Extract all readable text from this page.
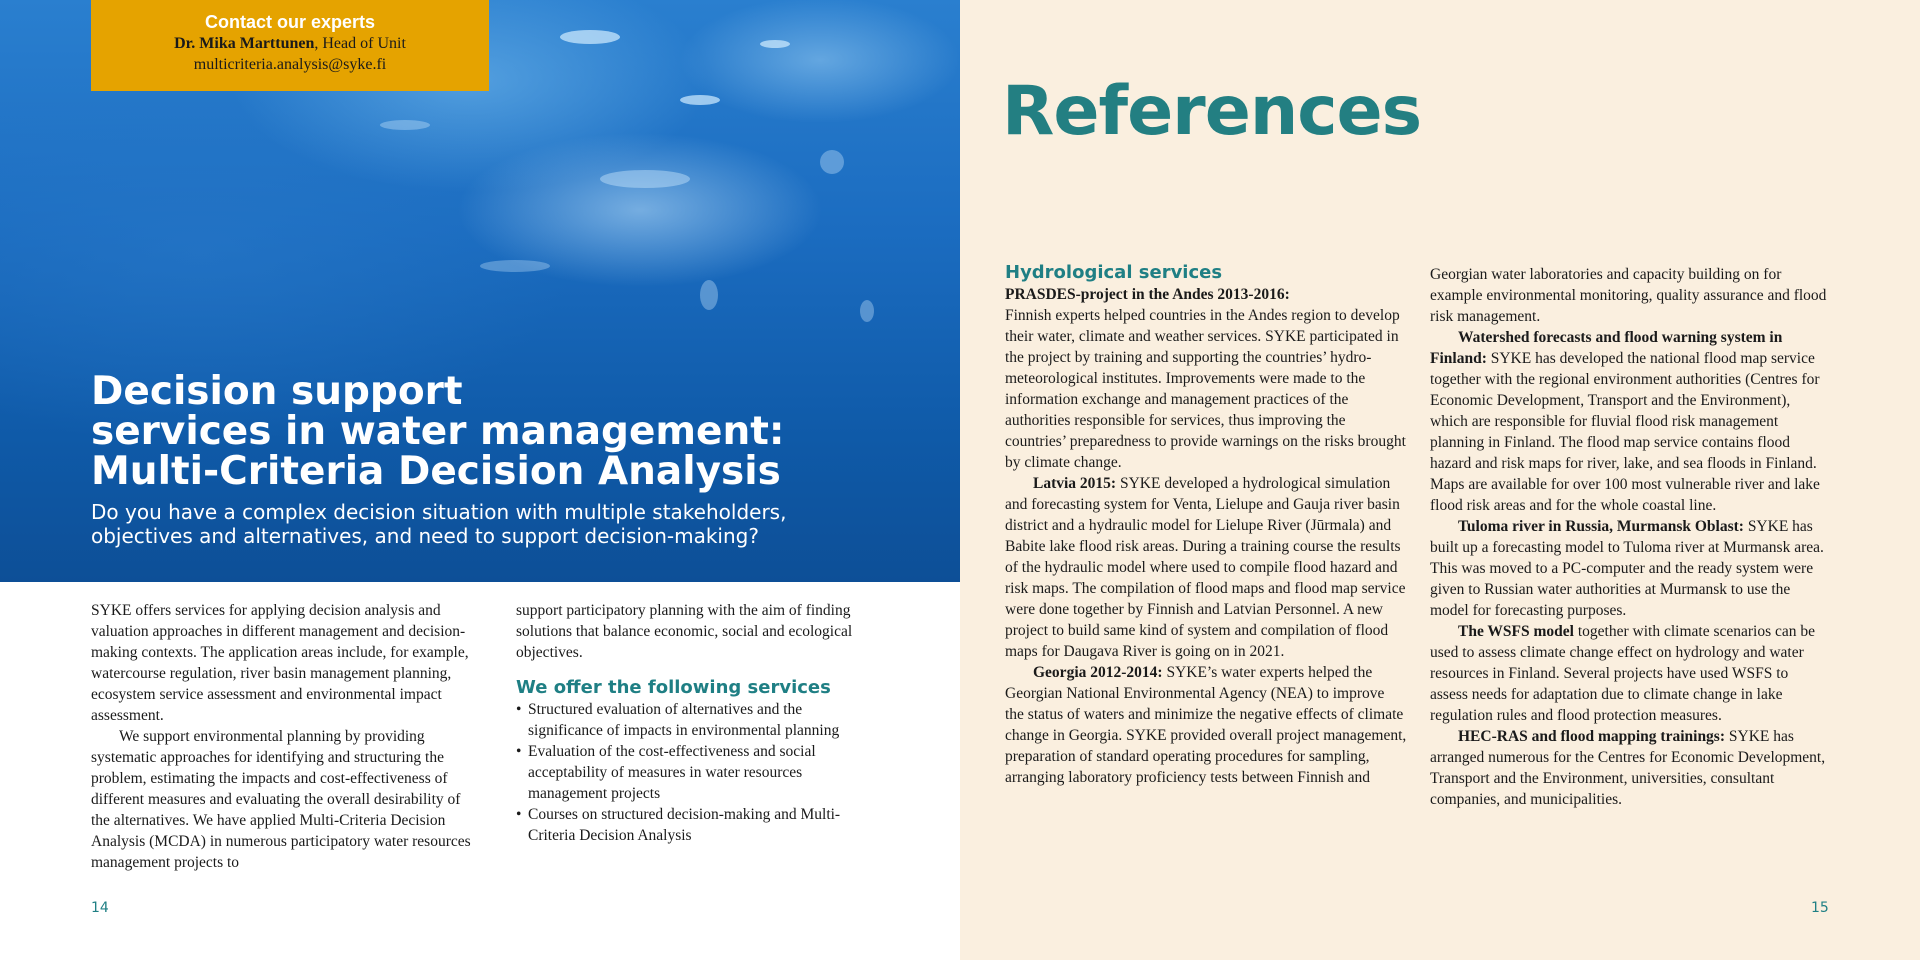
Contact our experts
Dr. Mika Marttunen, Head of Unit
multicriteria.analysis@syke.fi
Decision support
services in water management:
Multi-Criteria Decision Analysis

Do you have a complex decision situation with multiple stakeholders, objectives and alternatives, and need to support decision-making?

SYKE offers services for applying decision analysis and valuation approaches in different management and decision-making contexts. The application areas include, for example, watercourse regulation, river basin management planning, ecosystem service assessment and environmental impact assessment.

We support environmental planning by providing systematic approaches for identifying and structuring the problem, estimating the impacts and cost-effectiveness of different measures and evaluating the overall desirability of the alternatives. We have applied Multi-Criteria Decision Analysis (MCDA) in numerous participatory water resources management projects to

support participatory planning with the aim of finding solutions that balance economic, social and ecological objectives.

We offer the following services
• Structured evaluation of alternatives and the significance of impacts in environmental planning
• Evaluation of the cost-effectiveness and social acceptability of measures in water resources management projects
• Courses on structured decision-making and Multi-Criteria Decision Analysis
14
References
Hydrological services

PRASDES-project in the Andes 2013-2016:
Finnish experts helped countries in the Andes region to develop their water, climate and weather services. SYKE participated in the project by training and supporting the countries’ hydro-meteorological institutes. Improvements were made to the information exchange and management practices of the authorities responsible for services, thus improving the countries’ preparedness to provide warnings on the risks brought by climate change.

Latvia 2015: SYKE developed a hydrological simulation and forecasting system for Venta, Lielupe and Gauja river basin district and a hydraulic model for Lielupe River (Jūrmala) and Babite lake flood risk areas. During a training course the results of the hydraulic model where used to compile flood hazard and risk maps. The compilation of flood maps and flood map service were done together by Finnish and Latvian Personnel. A new project to build same kind of system and compilation of flood maps for Daugava River is going on in 2021.

Georgia 2012-2014: SYKE’s water experts helped the Georgian National Environmental Agency (NEA) to improve the status of waters and minimize the negative effects of climate change in Georgia. SYKE provided overall project management, preparation of standard operating procedures for sampling, arranging laboratory proficiency tests between Finnish and

Georgian water laboratories and capacity building on for example environmental monitoring, quality assurance and flood risk management.

Watershed forecasts and flood warning system in Finland: SYKE has developed the national flood map service together with the regional environment authorities (Centres for Economic Development, Transport and the Environment), which are responsible for fluvial flood risk management planning in Finland. The flood map service contains flood hazard and risk maps for river, lake, and sea floods in Finland. Maps are available for over 100 most vulnerable river and lake flood risk areas and for the whole coastal line.

Tuloma river in Russia, Murmansk Oblast: SYKE has built up a forecasting model to Tuloma river at Murmansk area. This was moved to a PC-computer and the ready system were given to Russian water authorities at Murmansk to use the model for forecasting purposes.

The WSFS model together with climate scenarios can be used to assess climate change effect on hydrology and water resources in Finland. Several projects have used WSFS to assess needs for adaptation due to climate change in lake regulation rules and flood protection measures.

HEC-RAS and flood mapping trainings: SYKE has arranged numerous for the Centres for Economic Development, Transport and the Environment, universities, consultant companies, and municipalities.

15
